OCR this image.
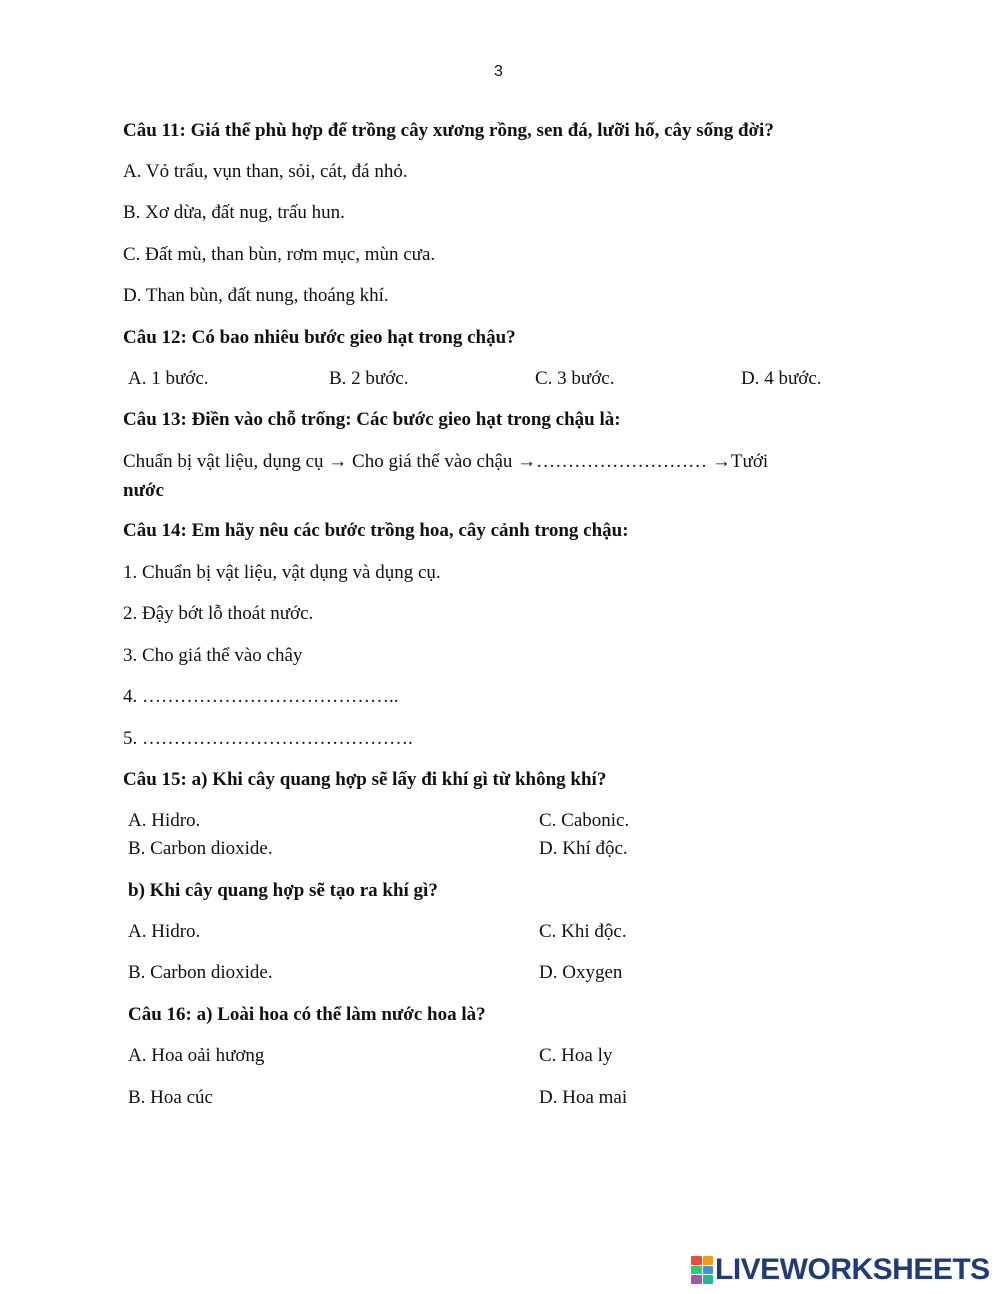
3
Câu 11: Giá thể phù hợp để trồng cây xương rồng, sen đá, lưỡi hổ, cây sống đời?
A. Vỏ trấu, vụn than, sỏi, cát, đá nhỏ.
B. Xơ dừa, đất nug, trấu hun.
C. Đất mù, than bùn, rơm mục, mùn cưa.
D. Than bùn, đất nung, thoáng khí.
Câu 12: Có bao nhiêu bước gieo hạt trong chậu?
A. 1 bước.	B. 2 bước.	C. 3 bước.	D. 4 bước.
Câu 13: Điền vào chỗ trống: Các bước gieo hạt trong chậu là:
Chuẩn bị vật liệu, dụng cụ → Cho giá thể vào chậu →……………………… →Tưới
nước
Câu 14: Em hãy nêu các bước trồng hoa, cây cảnh trong chậu:
1. Chuẩn bị vật liệu, vật dụng và dụng cụ.
2. Đậy bớt lỗ thoát nước.
3. Cho giá thể vào chây
4. …………………………………..
5. …………………………………….
Câu 15: a) Khi cây quang hợp sẽ lấy đi khí gì từ không khí?
A. Hidro.	C. Cabonic.
B. Carbon dioxide.	D. Khí độc.
b) Khi cây quang hợp sẽ tạo ra khí gì?
A. Hidro.	C. Khi độc.
B. Carbon dioxide.	D. Oxygen
Câu 16: a) Loài hoa có thể làm nước hoa là?
A. Hoa oải hương	C. Hoa ly
B. Hoa cúc	D. Hoa mai
LIVEWORKSHEETS
